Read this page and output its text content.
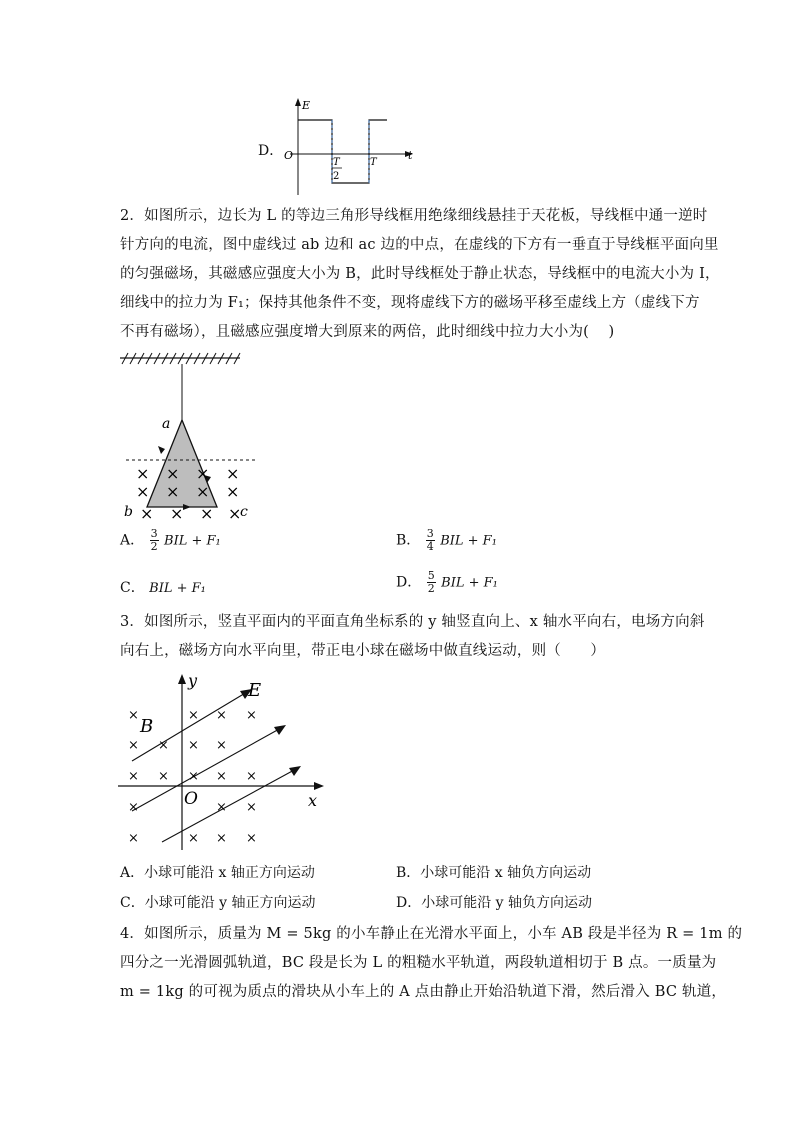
D．
E
t
O
T
2
T

2．如图所示，边长为 L 的等边三角形导线框用绝缘细线悬挂于天花板，导线框中通一逆时

针方向的电流，图中虚线过 ab 边和 ac 边的中点，在虚线的下方有一垂直于导线框平面向里

的匀强磁场，其磁感应强度大小为 B，此时导线框处于静止状态，导线框中的电流大小为 I，

细线中的拉力为 F₁；保持其他条件不变，现将虚线下方的磁场平移至虚线上方（虚线下方

不再有磁场），且磁感应强度增大到原来的两倍，此时细线中拉力大小为(　 )

× × × ×
× × × ×
× × × ×
a
b	c
A． $\frac{3}{2}$ BIL + F₁	B． $\frac{3}{4}$ BIL + F₁
C． BIL + F₁	D． $\frac{5}{2}$ BIL + F₁

3．如图所示，竖直平面内的平面直角坐标系的 y 轴竖直向上、x 轴水平向右，电场方向斜

向右上，磁场方向水平向里，带正电小球在磁场中做直线运动，则（　　）

×	× × ×
× × × ×
× × × × ×
×	× ×
×	× × ×
y
x
E
B
O
A．小球可能沿 x 轴正方向运动	B．小球可能沿 x 轴负方向运动
C．小球可能沿 y 轴正方向运动	D．小球可能沿 y 轴负方向运动

4．如图所示，质量为 M = 5kg 的小车静止在光滑水平面上，小车 AB 段是半径为 R = 1m 的

四分之一光滑圆弧轨道，BC 段是长为 L 的粗糙水平轨道，两段轨道相切于 B 点。一质量为

m = 1kg 的可视为质点的滑块从小车上的 A 点由静止开始沿轨道下滑，然后滑入 BC 轨道，
